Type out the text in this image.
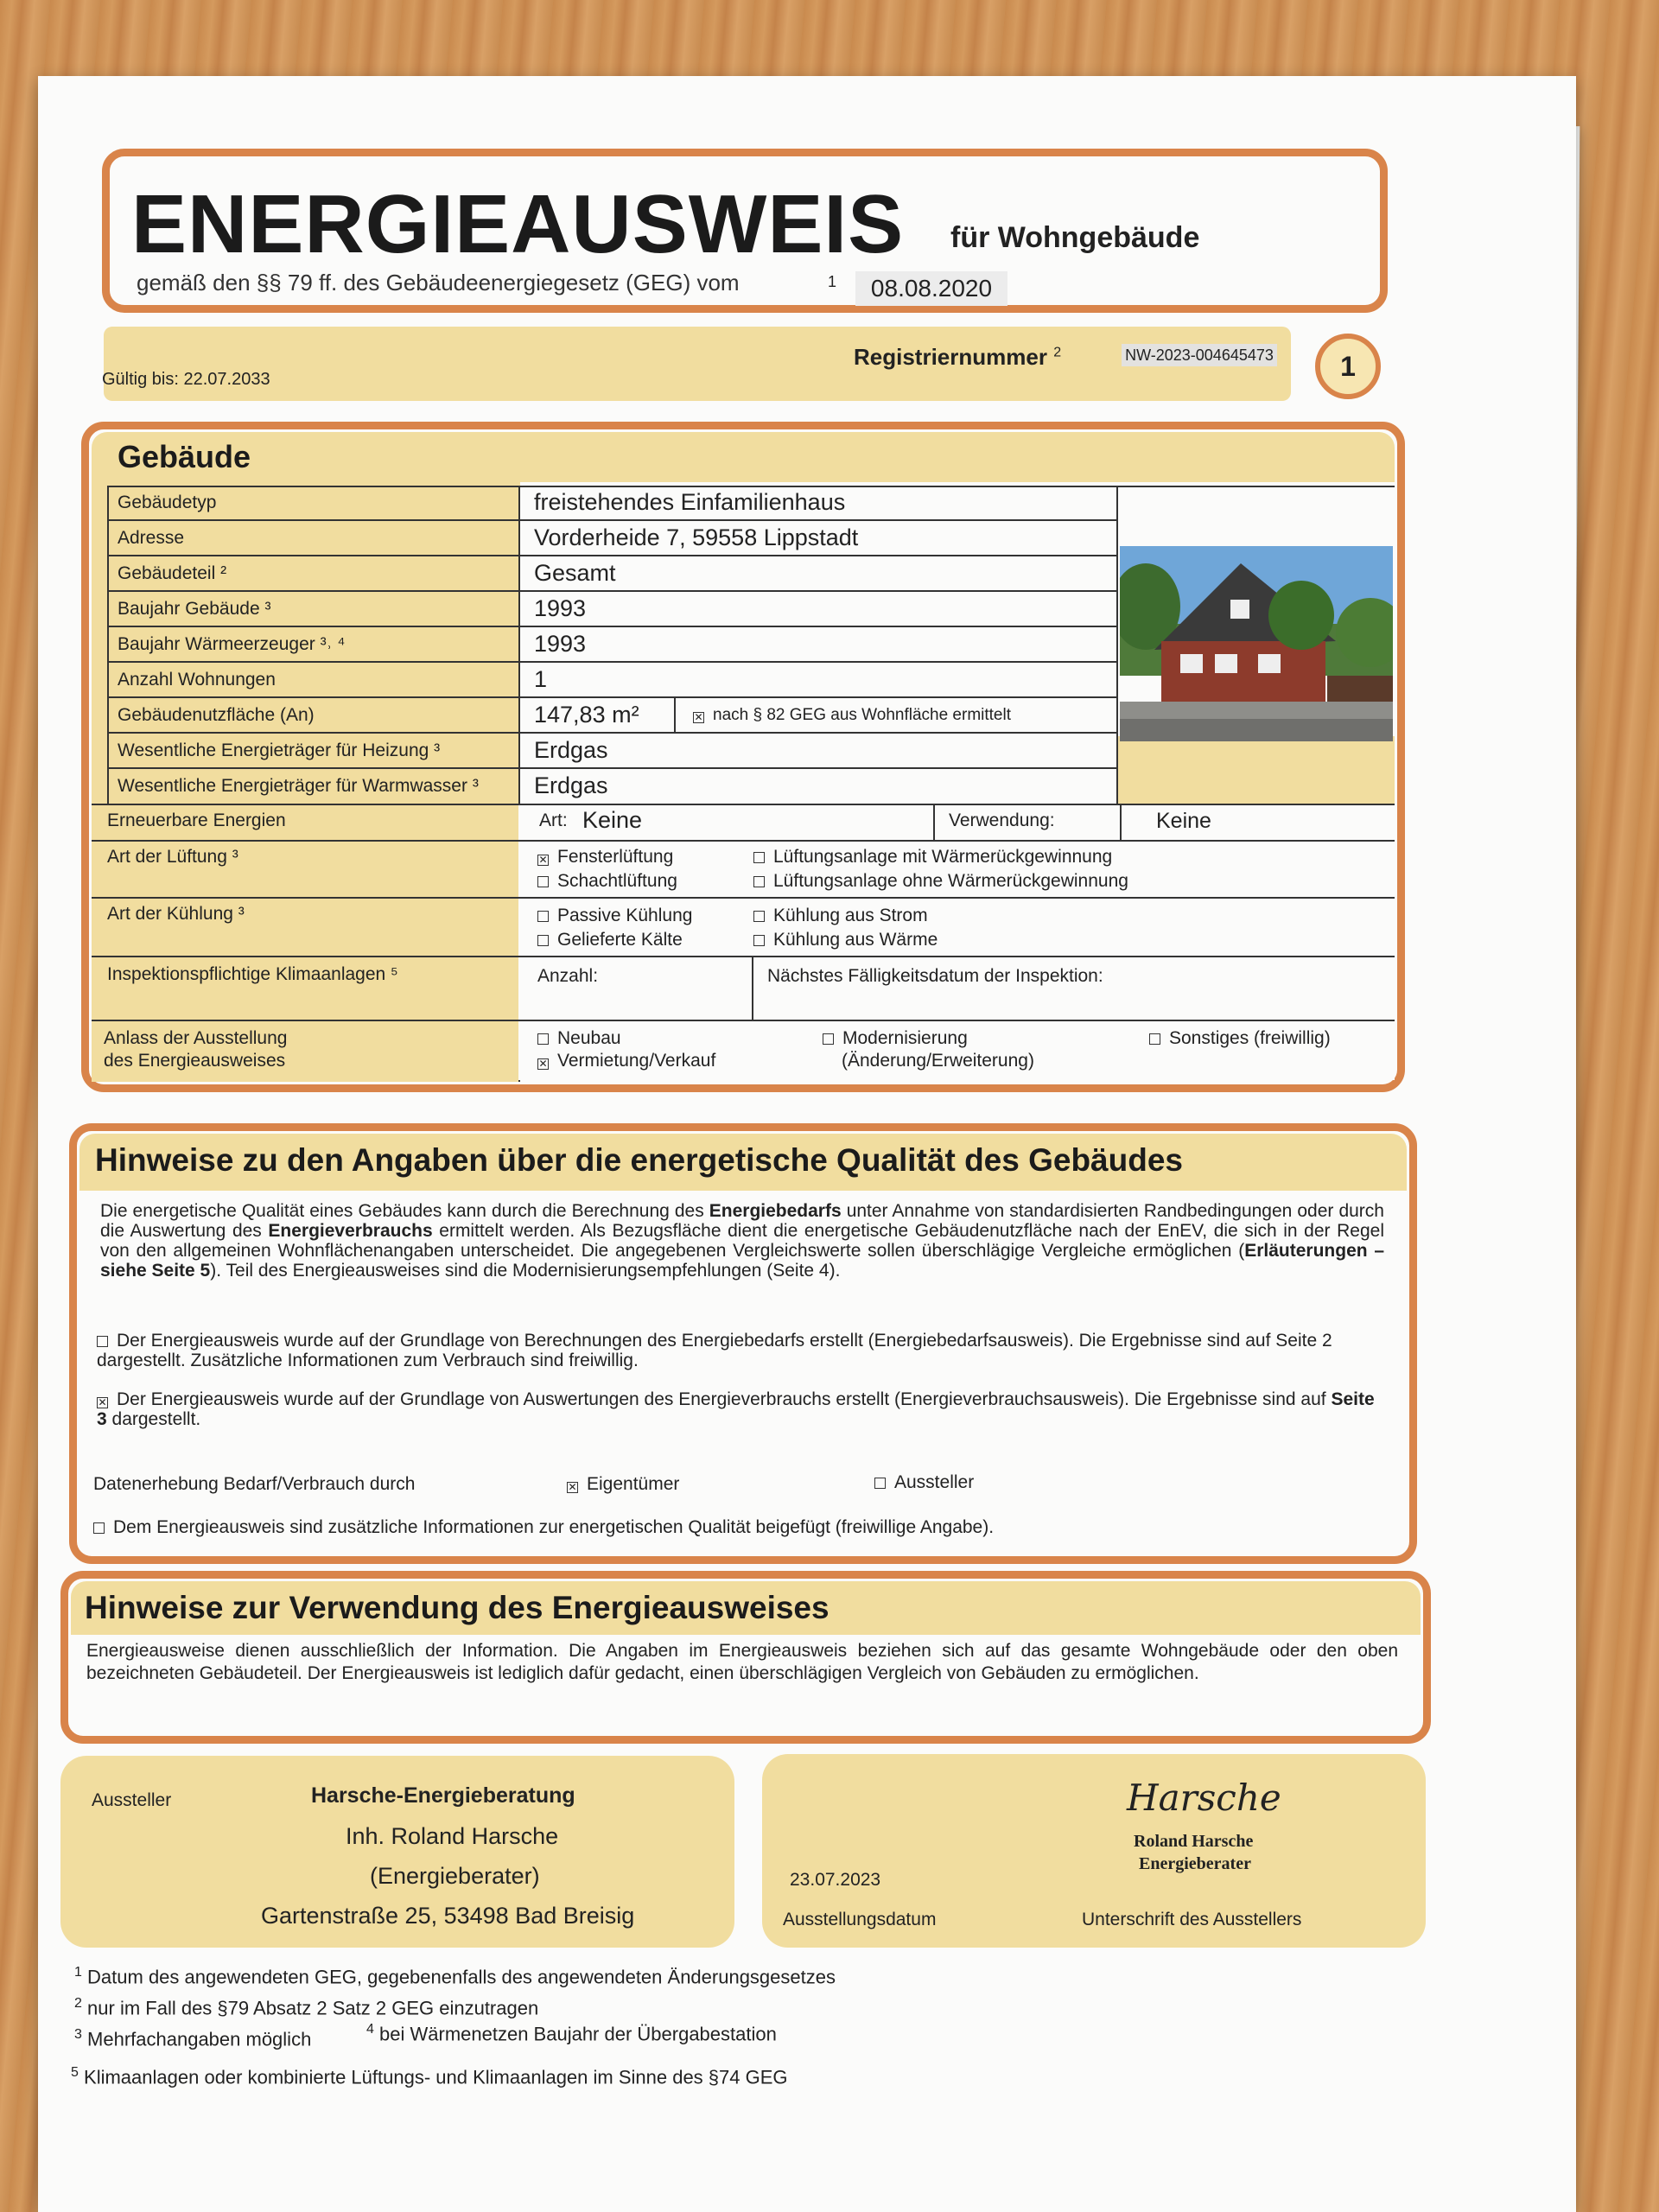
ENERGIEAUSWEIS für Wohngebäude
gemäß den §§ 79 ff. des Gebäudeenergiegesetz (GEG) vom	1	08.08.2020
Registriernummer $^2$	NW-2023-004645473
Gültig bis: 22.07.2033	1
Gebäude
Gebäudetyp	freistehendes Einfamilienhaus
Adresse	Vorderheide 7, 59558 Lippstadt
Gebäudeteil ²	Gesamt
Baujahr Gebäude ³	1993
Baujahr Wärmeerzeuger ³˒ ⁴	1993
Anzahl Wohnungen	1
Gebäudenutzfläche (An)	147,83 m²	✕ nach § 82 GEG aus Wohnfläche ermittelt
Wesentliche Energieträger für Heizung ³	Erdgas
Wesentliche Energieträger für Warmwasser ³ Erdgas
Erneuerbare Energien	Art: Keine	Verwendung:	Keine
Art der Lüftung ³	✕ Fensterlüftung
Schachtlüftung
Lüftungsanlage mit Wärmerückgewinnung
Lüftungsanlage ohne Wärmerückgewinnung
Art der Kühlung ³	Passive Kühlung
Gelieferte Kälte
Kühlung aus Strom
Kühlung aus Wärme
Inspektionspflichtige Klimaanlagen ⁵	Anzahl:	Nächstes Fälligkeitsdatum der Inspektion:
Anlass der Ausstellung
des Energieausweises
Neubau
✕ Vermietung/Verkauf
Modernisierung
(Änderung/Erweiterung)
Sonstiges (freiwillig)
Hinweise zu den Angaben über die energetische Qualität des Gebäudes
Die energetische Qualität eines Gebäudes kann durch die Berechnung des Energiebedarfs unter Annahme von standardisierten Randbedingungen oder durch die Auswertung des Energieverbrauchs ermittelt werden. Als Bezugsfläche dient die energetische Gebäudenutzfläche nach der EnEV, die sich in der Regel von den allgemeinen Wohnflächenangaben unterscheidet. Die angegebenen Vergleichswerte sollen überschlägige Vergleiche ermöglichen (Erläuterungen – siehe Seite 5). Teil des Energieausweises sind die Modernisierungsempfehlungen (Seite 4).
Der Energieausweis wurde auf der Grundlage von Berechnungen des Energiebedarfs erstellt (Energiebedarfsausweis). Die Ergebnisse sind auf Seite 2 dargestellt. Zusätzliche Informationen zum Verbrauch sind freiwillig.
✕ Der Energieausweis wurde auf der Grundlage von Auswertungen des Energieverbrauchs erstellt (Energieverbrauchsausweis). Die Ergebnisse sind auf Seite 3 dargestellt.
Datenerhebung Bedarf/Verbrauch durch	✕ Eigentümer	Aussteller
Dem Energieausweis sind zusätzliche Informationen zur energetischen Qualität beigefügt (freiwillige Angabe).
Hinweise zur Verwendung des Energieausweises
Energieausweise dienen ausschließlich der Information. Die Angaben im Energieausweis beziehen sich auf das gesamte Wohngebäude oder den oben bezeichneten Gebäudeteil. Der Energieausweis ist lediglich dafür gedacht, einen überschlägigen Vergleich von Gebäuden zu ermöglichen.
Aussteller	Harsche-Energieberatung
Inh. Roland Harsche
(Energieberater)
Gartenstraße 25, 53498 Bad Breisig
23.07.2023
Ausstellungsdatum	Unterschrift des Ausstellers
Harsche
Roland Harsche
Energieberater
$^1$ Datum des angewendeten GEG, gegebenenfalls des angewendeten Änderungsgesetzes
$^2$ nur im Fall des §79 Absatz 2 Satz 2 GEG einzutragen
$^3$ Mehrfachangaben möglich	$^4$ bei Wärmenetzen Baujahr der Übergabestation
$^5$ Klimaanlagen oder kombinierte Lüftungs- und Klimaanlagen im Sinne des §74 GEG
